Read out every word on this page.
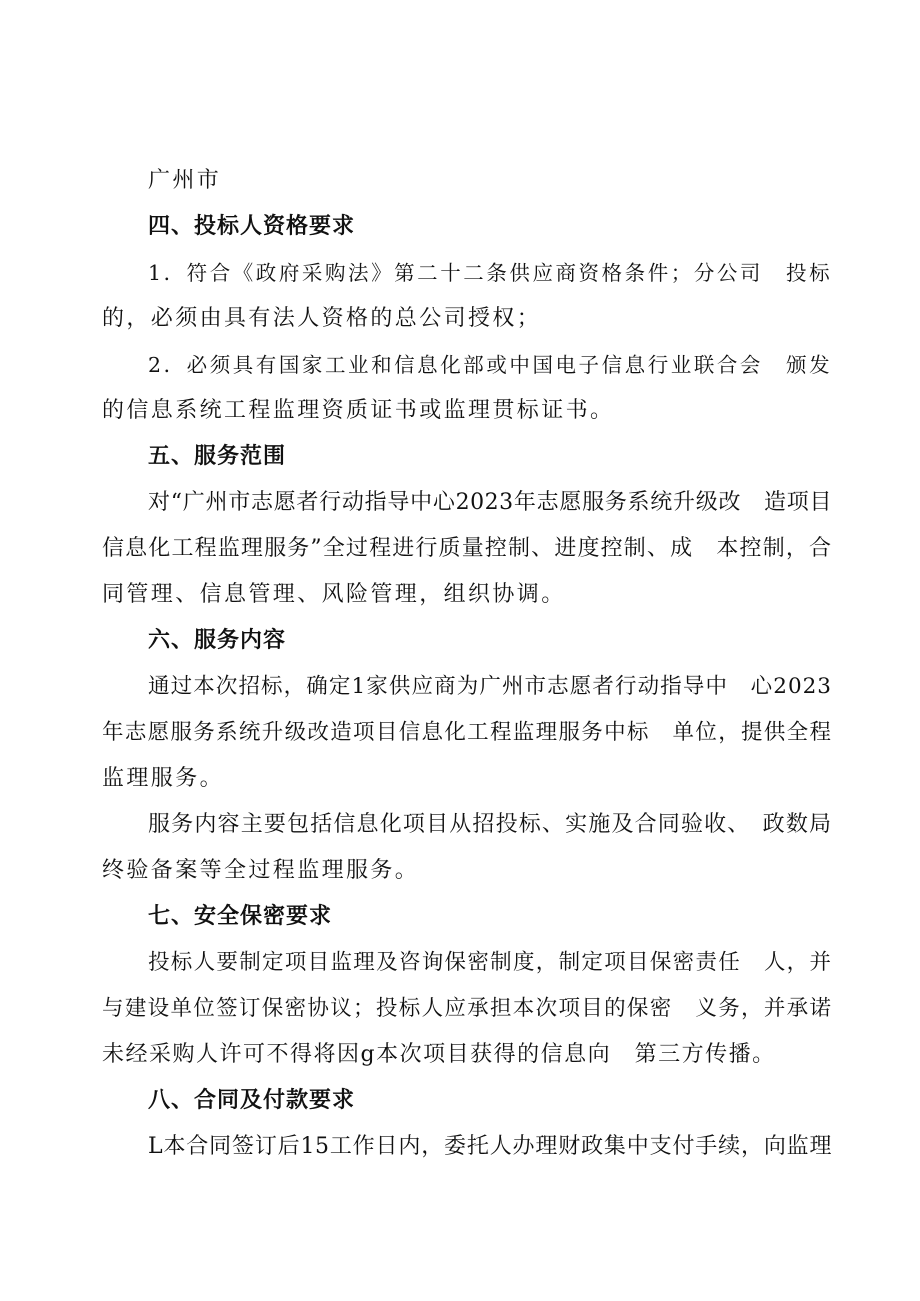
广州市
四、投标人资格要求
1．符合《政府采购法》第二十二条供应商资格条件；分公司　投标
的，必须由具有法人资格的总公司授权；
2．必须具有国家工业和信息化部或中国电子信息行业联合会　颁发
的信息系统工程监理资质证书或监理贯标证书。
五、服务范围
对“广州市志愿者行动指导中心2023年志愿服务系统升级改　造项目
信息化工程监理服务”全过程进行质量控制、进度控制、成　本控制，合
同管理、信息管理、风险管理，组织协调。
六、服务内容
通过本次招标，确定1家供应商为广州市志愿者行动指导中　心2023
年志愿服务系统升级改造项目信息化工程监理服务中标　单位，提供全程
监理服务。
服务内容主要包括信息化项目从招投标、实施及合同验收、　政数局
终验备案等全过程监理服务。
七、安全保密要求
投标人要制定项目监理及咨询保密制度，制定项目保密责任　人，并
与建设单位签订保密协议；投标人应承担本次项目的保密　义务，并承诺
未经采购人许可不得将因g本次项目获得的信息向　第三方传播。
八、合同及付款要求
L本合同签订后15工作日内，委托人办理财政集中支付手续，向监理
